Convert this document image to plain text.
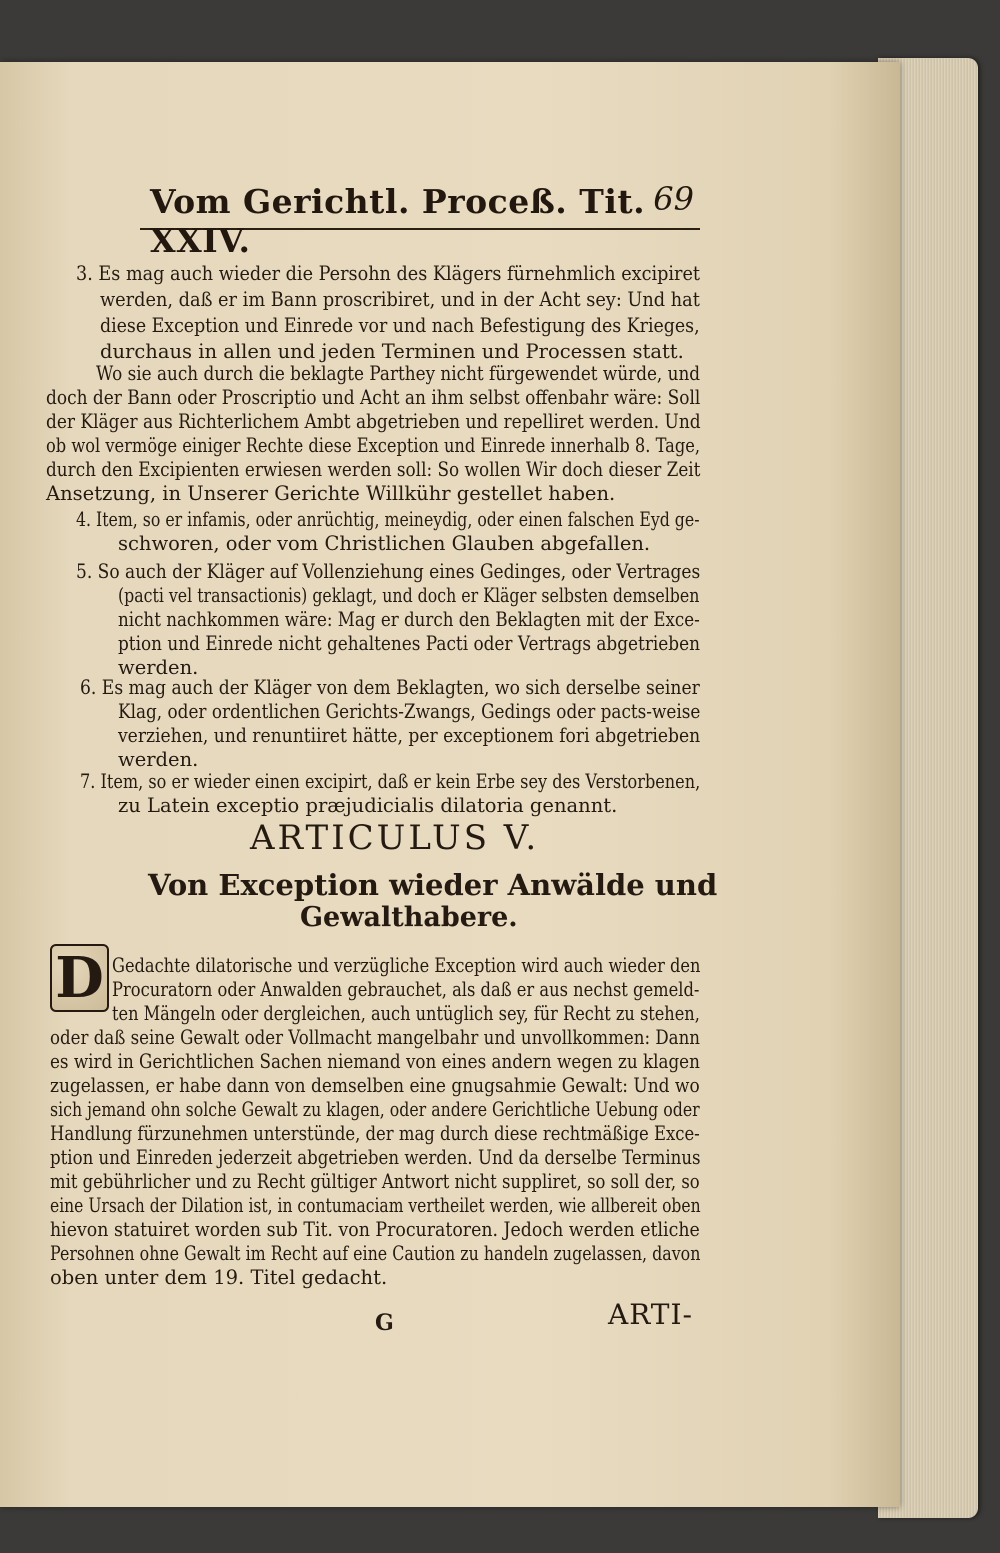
Vom Gerichtl. Proceß. Tit. XXIV.
69
3. Es mag auch wieder die Persohn des Klägers fürnehmlich excipiret
werden, daß er im Bann proscribiret, und in der Acht sey: Und hat
diese Exception und Einrede vor und nach Befestigung des Krieges,
durchaus in allen und jeden Terminen und Processen statt.
Wo sie auch durch die beklagte Parthey nicht fürgewendet würde, und
doch der Bann oder Proscriptio und Acht an ihm selbst offenbahr wäre: Soll
der Kläger aus Richterlichem Ambt abgetrieben und repelliret werden. Und
ob wol vermöge einiger Rechte diese Exception und Einrede innerhalb 8. Tage,
durch den Excipienten erwiesen werden soll: So wollen Wir doch dieser Zeit
Ansetzung, in Unserer Gerichte Willkühr gestellet haben.
4. Item, so er infamis, oder anrüchtig, meineydig, oder einen falschen Eyd ge-
schworen, oder vom Christlichen Glauben abgefallen.
5. So auch der Kläger auf Vollenziehung eines Gedinges, oder Vertrages
(pacti vel transactionis) geklagt, und doch er Kläger selbsten demselben
nicht nachkommen wäre: Mag er durch den Beklagten mit der Exce-
ption und Einrede nicht gehaltenes Pacti oder Vertrags abgetrieben
werden.
6. Es mag auch der Kläger von dem Beklagten, wo sich derselbe seiner
Klag, oder ordentlichen Gerichts-Zwangs, Gedings oder pacts-weise
verziehen, und renuntiiret hätte, per exceptionem fori abgetrieben
werden.
7. Item, so er wieder einen excipirt, daß er kein Erbe sey des Verstorbenen,
zu Latein exceptio præjudicialis dilatoria genannt.
ARTICULUS V.
Von Exception wieder Anwälde und
Gewalthabere.
D Gedachte dilatorische und verzügliche Exception wird auch wieder den
Procuratorn oder Anwalden gebrauchet, als daß er aus nechst gemeld-
ten Mängeln oder dergleichen, auch untüglich sey, für Recht zu stehen,
oder daß seine Gewalt oder Vollmacht mangelbahr und unvollkommen: Dann
es wird in Gerichtlichen Sachen niemand von eines andern wegen zu klagen
zugelassen, er habe dann von demselben eine gnugsahmie Gewalt: Und wo
sich jemand ohn solche Gewalt zu klagen, oder andere Gerichtliche Uebung oder
Handlung fürzunehmen unterstünde, der mag durch diese rechtmäßige Exce-
ption und Einreden jederzeit abgetrieben werden. Und da derselbe Terminus
mit gebührlicher und zu Recht gültiger Antwort nicht suppliret, so soll der, so
eine Ursach der Dilation ist, in contumaciam vertheilet werden, wie allbereit oben
hievon statuiret worden sub Tit. von Procuratoren. Jedoch werden etliche
Persohnen ohne Gewalt im Recht auf eine Caution zu handeln zugelassen, davon
oben unter dem 19. Titel gedacht.
G	ARTI-
